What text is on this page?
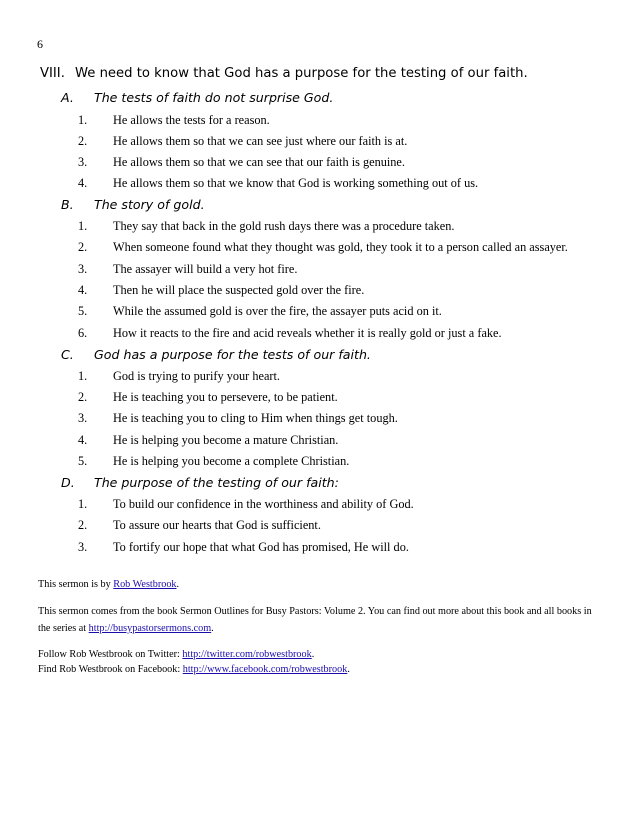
6
VIII. We need to know that God has a purpose for the testing of our faith.
A. The tests of faith do not surprise God.
1. He allows the tests for a reason.
2. He allows them so that we can see just where our faith is at.
3. He allows them so that we can see that our faith is genuine.
4. He allows them so that we know that God is working something out of us.
B. The story of gold.
1. They say that back in the gold rush days there was a procedure taken.
2. When someone found what they thought was gold, they took it to a person called an assayer.
3. The assayer will build a very hot fire.
4. Then he will place the suspected gold over the fire.
5. While the assumed gold is over the fire, the assayer puts acid on it.
6. How it reacts to the fire and acid reveals whether it is really gold or just a fake.
C. God has a purpose for the tests of our faith.
1. God is trying to purify your heart.
2. He is teaching you to persevere, to be patient.
3. He is teaching you to cling to Him when things get tough.
4. He is helping you become a mature Christian.
5. He is helping you become a complete Christian.
D. The purpose of the testing of our faith:
1. To build our confidence in the worthiness and ability of God.
2. To assure our hearts that God is sufficient.
3. To fortify our hope that what God has promised, He will do.
This sermon is by Rob Westbrook.
This sermon comes from the book Sermon Outlines for Busy Pastors: Volume 2. You can find out more about this book and all books in the series at http://busypastorsermons.com.
Follow Rob Westbrook on Twitter: http://twitter.com/robwestbrook.
Find Rob Westbrook on Facebook: http://www.facebook.com/robwestbrook.
